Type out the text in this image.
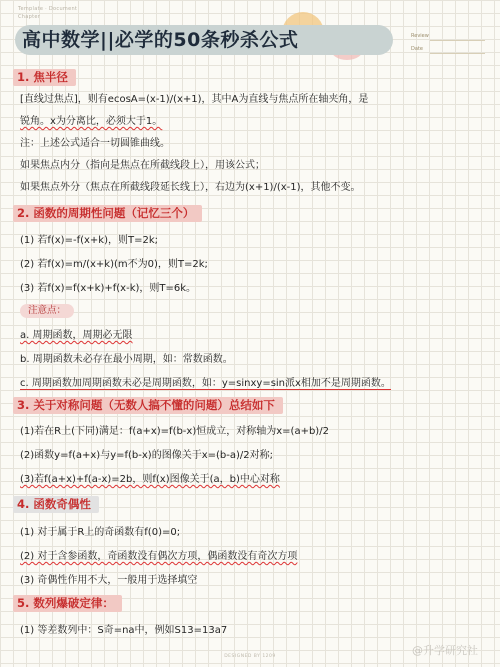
Template · Document
Chapter
高中数学||必学的50条秒杀公式	Review
Date
1. 焦半径
[直线过焦点]，则有ecosA=(x-1)/(x+1)，其中A为直线与焦点所在轴夹角，是
锐角。x为分离比，必须大于1。
注：上述公式适合一切圆锥曲线。
如果焦点内分（指向是焦点在所截线段上），用该公式；
如果焦点外分（焦点在所截线段延长线上），右边为(x+1)/(x-1)，其他不变。
2. 函数的周期性问题（记忆三个）
(1) 若f(x)=-f(x+k)，则T=2k;
(2) 若f(x)=m/(x+k)(m不为0)，则T=2k;
(3) 若f(x)=f(x+k)+f(x-k)，则T=6k。
注意点：
a. 周期函数，周期必无限
b. 周期函数未必存在最小周期，如：常数函数。
c. 周期函数加周期函数未必是周期函数，如：y=sinxy=sin派x相加不是周期函数。
3. 关于对称问题（无数人搞不懂的问题）总结如下
(1)若在R上(下同)满足：f(a+x)=f(b-x)恒成立，对称轴为x=(a+b)/2
(2)函数y=f(a+x)与y=f(b-x)的图像关于x=(b-a)/2对称;
(3)若f(a+x)+f(a-x)=2b，则f(x)图像关于(a，b)中心对称
4. 函数奇偶性
(1) 对于属于R上的奇函数有f(0)=0;
(2) 对于含参函数，奇函数没有偶次方项，偶函数没有奇次方项
(3) 奇偶性作用不大，一般用于选择填空
5. 数列爆破定律：
(1) 等差数列中：S奇=na中，例如S13=13a7
@升学研究社
DESIGNED BY 1209
